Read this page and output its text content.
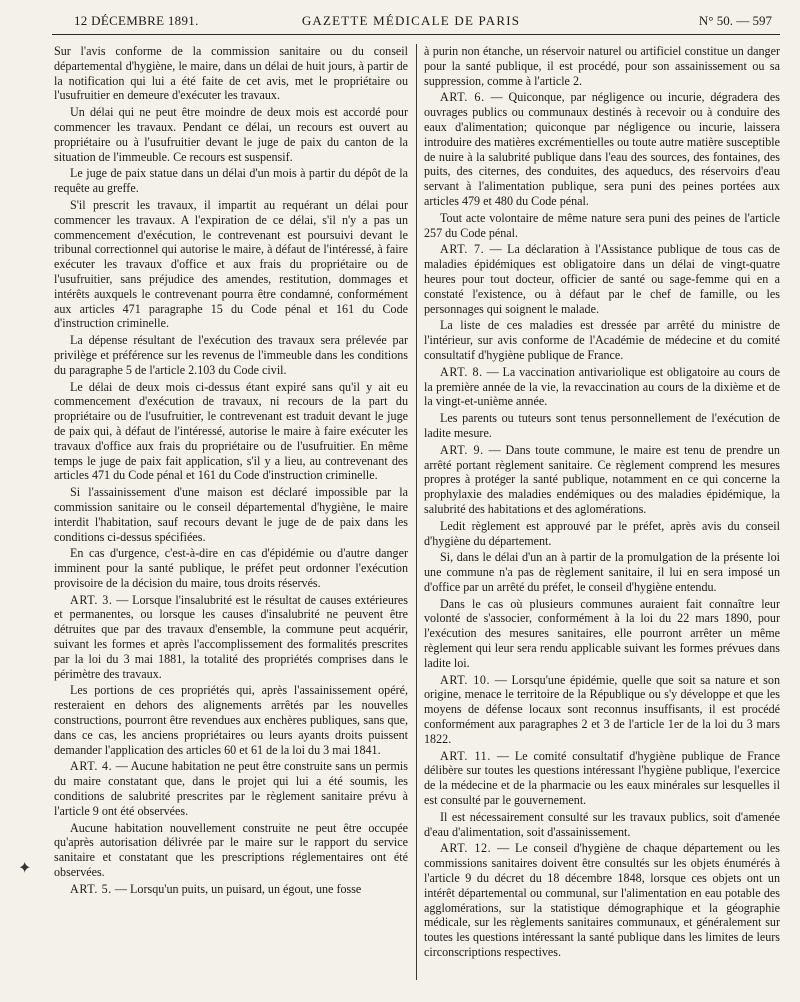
12 DÉCEMBRE 1891.	GAZETTE MÉDICALE DE PARIS	N° 50. — 597

Sur l'avis conforme de la commission sanitaire ou du conseil départemental d'hygiène, le maire, dans un délai de huit jours, à partir de la notification qui lui a été faite de cet avis, met le propriétaire ou l'usufruitier en demeure d'exécuter les travaux.

Un délai qui ne peut être moindre de deux mois est accordé pour commencer les travaux. Pendant ce délai, un recours est ouvert au propriétaire ou à l'usufruitier devant le juge de paix du canton de la situation de l'immeuble. Ce recours est suspensif.

Le juge de paix statue dans un délai d'un mois à partir du dépôt de la requête au greffe.

S'il prescrit les travaux, il impartit au requérant un délai pour commencer les travaux. A l'expiration de ce délai, s'il n'y a pas un commencement d'exécution, le contrevenant est poursuivi devant le tribunal correctionnel qui autorise le maire, à défaut de l'intéressé, à faire exécuter les travaux d'office et aux frais du propriétaire ou de l'usufruitier, sans préjudice des amendes, restitution, dommages et intérêts auxquels le contrevenant pourra être condamné, conformément aux articles 471 paragraphe 15 du Code pénal et 161 du Code d'instruction criminelle.

La dépense résultant de l'exécution des travaux sera prélevée par privilège et préférence sur les revenus de l'immeuble dans les conditions du paragraphe 5 de l'article 2.103 du Code civil.

Le délai de deux mois ci-dessus étant expiré sans qu'il y ait eu commencement d'exécution de travaux, ni recours de la part du propriétaire ou de l'usufruitier, le contrevenant est traduit devant le juge de paix qui, à défaut de l'intéressé, autorise le maire à faire exécuter les travaux d'office aux frais du propriétaire ou de l'usufruitier. En même temps le juge de paix fait application, s'il y a lieu, au contrevenant des articles 471 du Code pénal et 161 du Code d'instruction criminelle.

Si l'assainissement d'une maison est déclaré impossible par la commission sanitaire ou le conseil départemental d'hygiène, le maire interdit l'habitation, sauf recours devant le juge de de paix dans les conditions ci-dessus spécifiées.

En cas d'urgence, c'est-à-dire en cas d'épidémie ou d'autre danger imminent pour la santé publique, le préfet peut ordonner l'exécution provisoire de la décision du maire, tous droits réservés.

ART. 3. — Lorsque l'insalubrité est le résultat de causes extérieures et permanentes, ou lorsque les causes d'insalubrité ne peuvent être détruites que par des travaux d'ensemble, la commune peut acquérir, suivant les formes et après l'accomplissement des formalités prescrites par la loi du 3 mai 1881, la totalité des propriétés comprises dans le périmètre des travaux.

Les portions de ces propriétés qui, après l'assainissement opéré, resteraient en dehors des alignements arrêtés par les nouvelles constructions, pourront être revendues aux enchères publiques, sans que, dans ce cas, les anciens propriétaires ou leurs ayants droits puissent demander l'application des articles 60 et 61 de la loi du 3 mai 1841.

ART. 4. — Aucune habitation ne peut être construite sans un permis du maire constatant que, dans le projet qui lui a été soumis, les conditions de salubrité prescrites par le règlement sanitaire prévu à l'article 9 ont été observées.

Aucune habitation nouvellement construite ne peut être occupée qu'après autorisation délivrée par le maire sur le rapport du service sanitaire et constatant que les prescriptions réglementaires ont été observées.

ART. 5. — Lorsqu'un puits, un puisard, un égout, une fosse

à purin non étanche, un réservoir naturel ou artificiel constitue un danger pour la santé publique, il est procédé, pour son assainissement ou sa suppression, comme à l'article 2.

ART. 6. — Quiconque, par négligence ou incurie, dégradera des ouvrages publics ou communaux destinés à recevoir ou à conduire des eaux d'alimentation; quiconque par négligence ou incurie, laissera introduire des matières excrémentielles ou toute autre matière susceptible de nuire à la salubrité publique dans l'eau des sources, des fontaines, des puits, des citernes, des conduites, des aqueducs, des réservoirs d'eau servant à l'alimentation publique, sera puni des peines portées aux articles 479 et 480 du Code pénal.

Tout acte volontaire de même nature sera puni des peines de l'article 257 du Code pénal.

ART. 7. — La déclaration à l'Assistance publique de tous cas de maladies épidémiques est obligatoire dans un délai de vingt-quatre heures pour tout docteur, officier de santé ou sage-femme qui en a constaté l'existence, ou à défaut par le chef de famille, ou les personnages qui soignent le malade.

La liste de ces maladies est dressée par arrêté du ministre de l'intérieur, sur avis conforme de l'Académie de médecine et du comité consultatif d'hygiène publique de France.

ART. 8. — La vaccination antivariolique est obligatoire au cours de la première année de la vie, la revaccination au cours de la dixième et de la vingt-et-unième année.

Les parents ou tuteurs sont tenus personnellement de l'exécution de ladite mesure.

ART. 9. — Dans toute commune, le maire est tenu de prendre un arrêté portant règlement sanitaire. Ce règlement comprend les mesures propres à protéger la santé publique, notamment en ce qui concerne la prophylaxie des maladies endémiques ou des maladies épidémique, la salubrité des habitations et des aglomérations.

Ledit règlement est approuvé par le préfet, après avis du conseil d'hygiène du département.

Si, dans le délai d'un an à partir de la promulgation de la présente loi une commune n'a pas de règlement sanitaire, il lui en sera imposé un d'office par un arrêté du préfet, le conseil d'hygiène entendu.

Dans le cas où plusieurs communes auraient fait connaître leur volonté de s'associer, conformément à la loi du 22 mars 1890, pour l'exécution des mesures sanitaires, elle pourront arrêter un même règlement qui leur sera rendu applicable suivant les formes prévues dans ladite loi.

ART. 10. — Lorsqu'une épidémie, quelle que soit sa nature et son origine, menace le territoire de la République ou s'y développe et que les moyens de défense locaux sont reconnus insuffisants, il est procédé conformément aux paragraphes 2 et 3 de l'article 1er de la loi du 3 mars 1822.

ART. 11. — Le comité consultatif d'hygiène publique de France délibère sur toutes les questions intéressant l'hygiène publique, l'exercice de la médecine et de la pharmacie ou les eaux minérales sur lesquelles il est consulté par le gouvernement.

Il est nécessairement consulté sur les travaux publics, soit d'amenée d'eau d'alimentation, soit d'assainissement.

ART. 12. — Le conseil d'hygiène de chaque département ou les commissions sanitaires doivent être consultés sur les objets énumérés à l'article 9 du décret du 18 décembre 1848, lorsque ces objets ont un intérêt départemental ou communal, sur l'alimentation en eau potable des agglomérations, sur la statistique démographique et la géographie médicale, sur les règlements sanitaires communaux, et généralement sur toutes les questions intéressant la santé publique dans les limites de leurs circonscriptions respectives.

✦
